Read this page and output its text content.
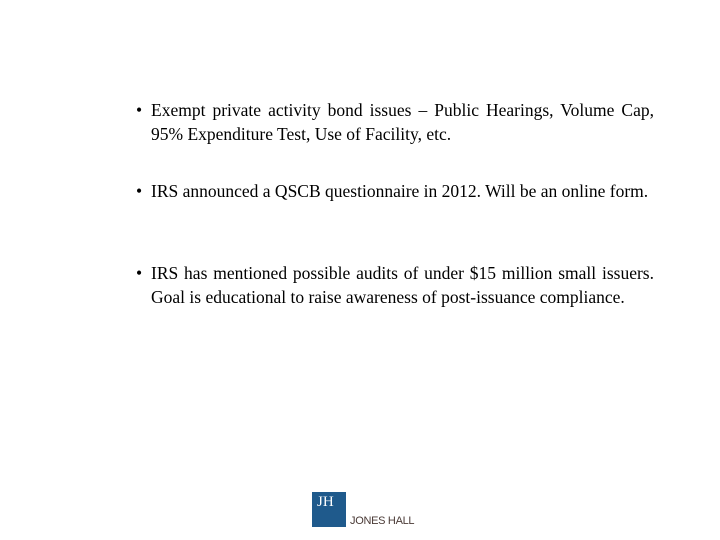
• Exempt private activity bond issues – Public Hearings, Volume Cap, 95% Expenditure Test, Use of Facility, etc.
• IRS announced a QSCB questionnaire in 2012. Will be an online form.
• IRS has mentioned possible audits of under $15 million small issuers. Goal is educational to raise awareness of post-issuance compliance.
JH
JONES HALL
